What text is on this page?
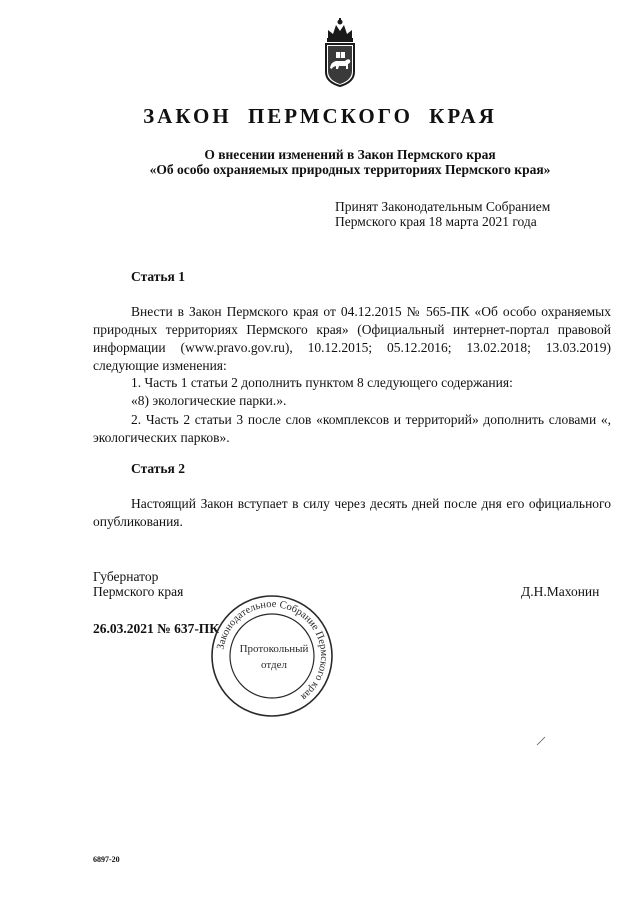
ЗАКОН ПЕРМСКОГО КРАЯ
О внесении изменений в Закон Пермского края
«Об особо охраняемых природных территориях Пермского края»
Принят Законодательным Собранием
Пермского края 18 марта 2021 года
Статья 1
Внести в Закон Пермского края от 04.12.2015 № 565-ПК «Об особо охраняемых природных территориях Пермского края» (Официальный интернет-портал правовой информации (www.pravo.gov.ru), 10.12.2015; 05.12.2016; 13.02.2018; 13.03.2019) следующие изменения:
1. Часть 1 статьи 2 дополнить пунктом 8 следующего содержания:
«8) экологические парки.».
2. Часть 2 статьи 3 после слов «комплексов и территорий» дополнить словами «, экологических парков».
Статья 2
Настоящий Закон вступает в силу через десять дней после дня его официального опубликования.
Губернатор
Пермского края	Д.Н.Махонин
26.03.2021 № 637-ПК
Законодательное Собрание Пермского края
Протокольный
отдел
6897-20
